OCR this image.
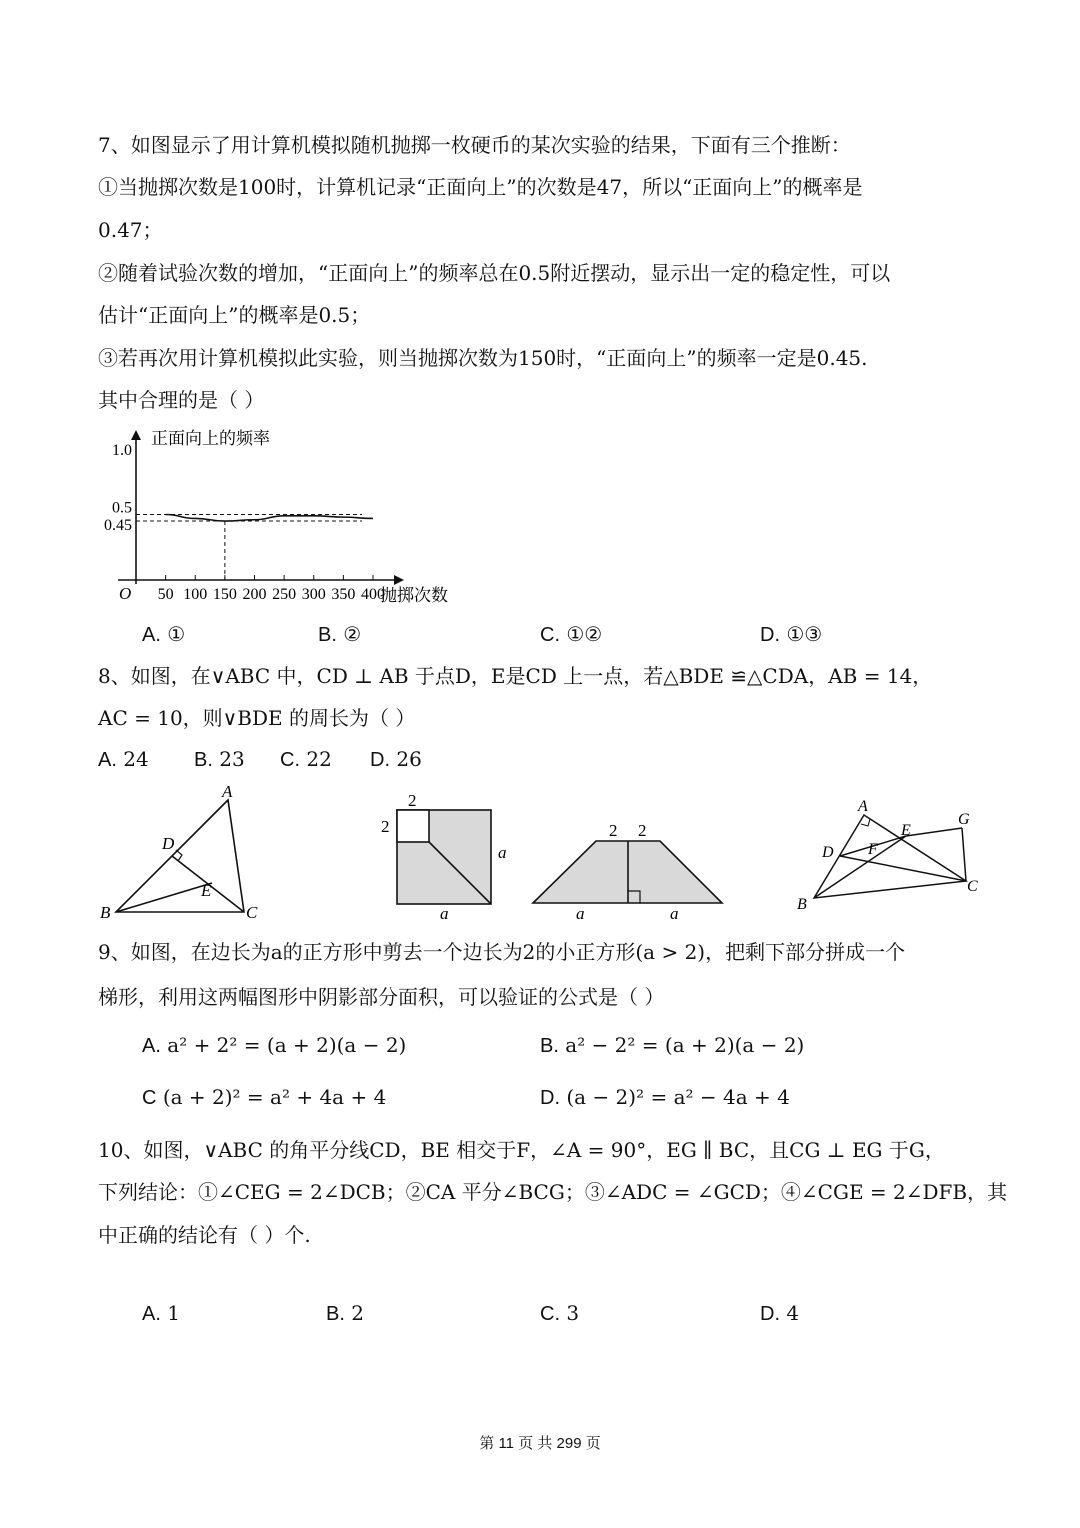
7、如图显示了用计算机模拟随机抛掷一枚硬币的某次实验的结果，下面有三个推断：
①当抛掷次数是100时，计算机记录“正面向上”的次数是47，所以“正面向上”的概率是
0.47；
②随着试验次数的增加，“正面向上”的频率总在0.5附近摆动，显示出一定的稳定性，可以
估计“正面向上”的概率是0.5；
③若再次用计算机模拟此实验，则当抛掷次数为150时，“正面向上”的频率一定是0.45.
其中合理的是（ ）
O
正面向上的频率
抛掷次数
50 100 150 200 250 300 350 400
0.45
0.5
1.0
A. ①	B. ②	C. ①②	D. ①③
8、如图，在∨ABC 中，CD ⊥ AB 于点D，E是CD 上一点，若△BDE ≌△CDA，AB = 14，
AC = 10，则∨BDE 的周长为（ ）
A. 24 B. 23 C. 22 D. 26
A
D
E
B	C
2
2
a
a
2 2
a	a
A
D
E
F
G
B
C
9、如图，在边长为a的正方形中剪去一个边长为2的小正方形(a > 2)，把剩下部分拼成一个
梯形，利用这两幅图形中阴影部分面积，可以验证的公式是（ ）
A. a² + 2² = (a + 2)(a − 2)	B. a² − 2² = (a + 2)(a − 2)
C (a + 2)² = a² + 4a + 4	D. (a − 2)² = a² − 4a + 4
10、如图，∨ABC 的角平分线CD，BE 相交于F，∠A = 90°，EG ∥ BC，且CG ⊥ EG 于G，
下列结论：①∠CEG = 2∠DCB；②CA 平分∠BCG；③∠ADC = ∠GCD；④∠CGE = 2∠DFB，其
中正确的结论有（ ）个.
A. 1	B. 2	C. 3	D. 4
第 11 页 共 299 页
